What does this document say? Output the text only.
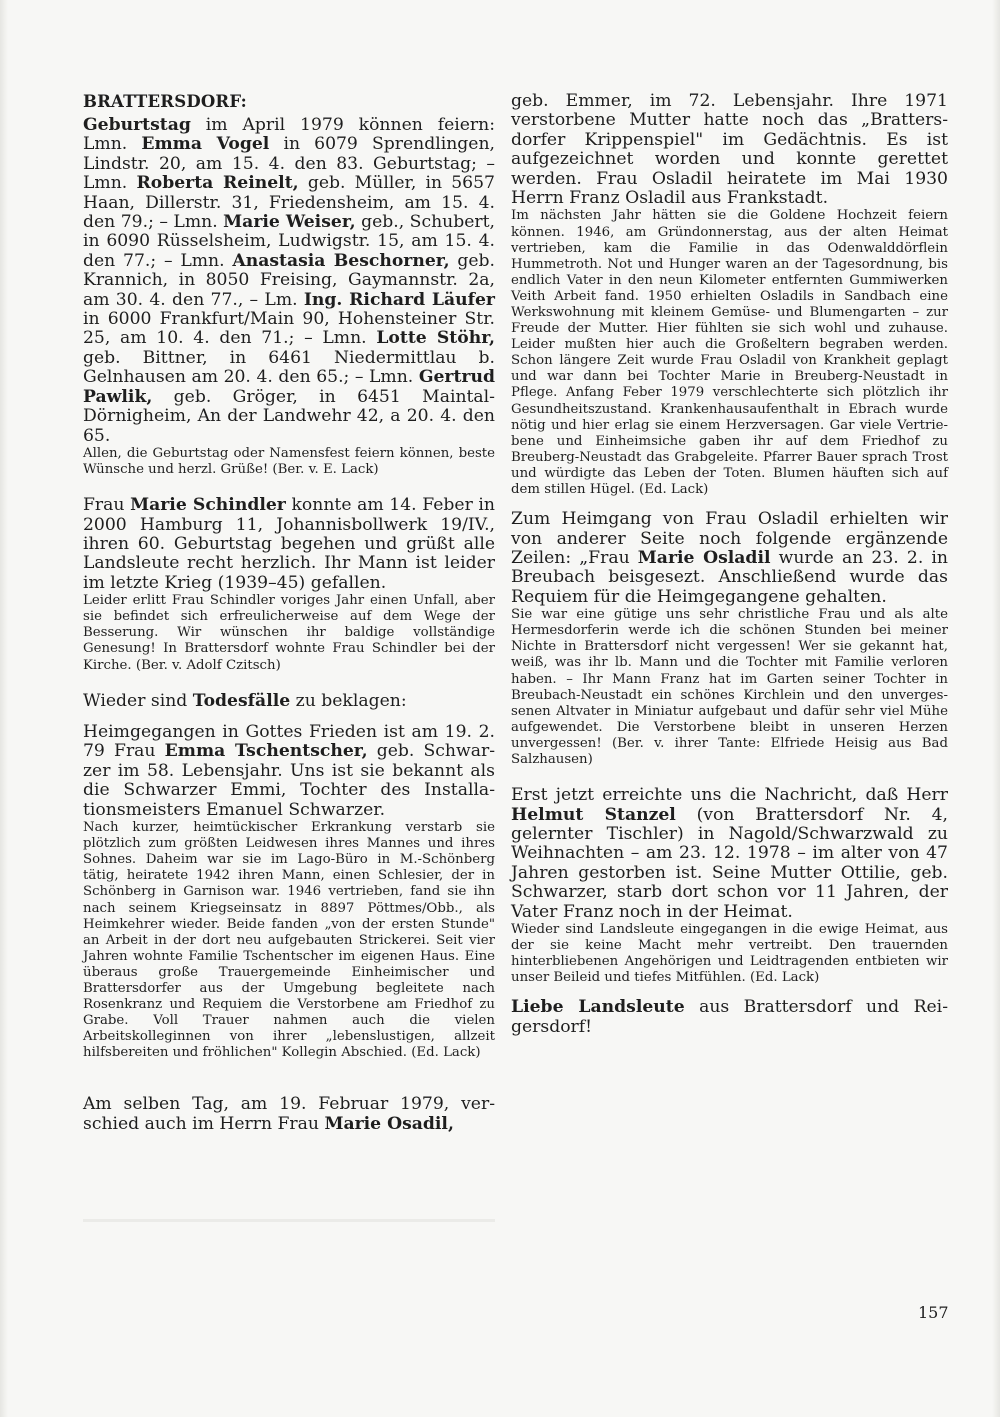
BRATTERSDORF:

Geburtstag im April 1979 können feiern: Lmn. Emma Vogel in 6079 Sprendlingen, Lindstr. 20, am 15. 4. den 83. Geburtstag; – Lmn. Roberta Reinelt, geb. Müller, in 5657 Haan, Dillerstr. 31, Friedensheim, am 15. 4. den 79.; – Lmn. Marie Weiser, geb., Schubert, in 6090 Rüsselsheim, Ludwigstr. 15, am 15. 4. den 77.; – Lmn. Anastasia Beschorner, geb. Krannich, in 8050 Freising, Gaymannstr. 2a, am 30. 4. den 77., – Lm. Ing. Richard Läufer in 6000 Frankfurt/Main 90, Hohensteiner Str. 25, am 10. 4. den 71.; – Lmn. Lotte Stöhr, geb. Bittner, in 6461 Niedermittlau b. Gelnhausen am 20. 4. den 65.; – Lmn. Gertrud Pawlik, geb. Gröger, in 6451 Maintal-Dörnigheim, An der Landwehr 42, a 20. 4. den 65.

Allen, die Geburtstag oder Namensfest feiern können, beste Wünsche und herzl. Grüße! (Ber. v. E. Lack)

Frau Marie Schindler konnte am 14. Feber in 2000 Hamburg 11, Johannisbollwerk 19/IV., ihren 60. Geburtstag begehen und grüßt alle Landsleute recht herzlich. Ihr Mann ist leider im letzte Krieg (1939–45) gefallen.

Leider erlitt Frau Schindler voriges Jahr einen Unfall, aber sie befindet sich erfreulicherweise auf dem Wege der Besserung. Wir wünschen ihr baldige vollständige Genesung! In Brattersdorf wohnte Frau Schindler bei der Kirche. (Ber. v. Adolf Czitsch)

Wieder sind Todesfälle zu beklagen:

Heimgegangen in Gottes Frieden ist am 19. 2. 79 Frau Emma Tschentscher, geb. Schwarzer im 58. Lebensjahr. Uns ist sie bekannt als die Schwarzer Emmi, Tochter des Installationsmeisters Emanuel Schwarzer.

Nach kurzer, heimtückischer Erkrankung verstarb sie plötzlich zum größten Leidwesen ihres Mannes und ihres Sohnes. Daheim war sie im Lago-Büro in M.-Schönberg tätig, heiratete 1942 ihren Mann, einen Schlesier, der in Schönberg in Garnison war. 1946 vertrieben, fand sie ihn nach seinem Kriegseinsatz in 8897 Pöttmes/Obb., als Heimkehrer wieder. Beide fanden „von der ersten Stunde" an Arbeit in der dort neu aufgebauten Strickerei. Seit vier Jahren wohnte Familie Tschentscher im eigenen Haus. Eine überaus große Trauergemeinde Einheimischer und Brattersdorfer aus der Umgebung begleitete nach Rosenkranz und Requiem die Verstorbene am Friedhof zu Grabe. Voll Trauer nahmen auch die vielen Arbeitskolleginnen von ihrer „lebenslustigen, allzeit hilfsbereiten und fröhlichen" Kollegin Abschied. (Ed. Lack)

Am selben Tag, am 19. Februar 1979, verschied auch im Herrn Frau Marie Osadil,

geb. Emmer, im 72. Lebensjahr. Ihre 1971 verstorbene Mutter hatte noch das „Brattersdorfer Krippenspiel" im Gedächtnis. Es ist aufgezeichnet worden und konnte gerettet werden. Frau Osladil heiratete im Mai 1930 Herrn Franz Osladil aus Frankstadt.

Im nächsten Jahr hätten sie die Goldene Hochzeit feiern können. 1946, am Gründonnerstag, aus der alten Heimat vertrieben, kam die Familie in das Odenwalddörflein Hummetroth. Not und Hunger waren an der Tagesordnung, bis endlich Vater in den neun Kilometer entfernten Gummiwerken Veith Arbeit fand. 1950 erhielten Osladils in Sandbach eine Werkswohnung mit kleinem Gemüse- und Blumengarten – zur Freude der Mutter. Hier fühlten sie sich wohl und zuhause. Leider mußten hier auch die Großeltern begraben werden. Schon längere Zeit wurde Frau Osladil von Krankheit geplagt und war dann bei Tochter Marie in Breuberg-Neustadt in Pflege. Anfang Feber 1979 verschlechterte sich plötzlich ihr Gesundheitszustand. Krankenhausaufenthalt in Ebrach wurde nötig und hier erlag sie einem Herzversagen. Gar viele Vertriebene und Einheimsiche gaben ihr auf dem Friedhof zu Breuberg-Neustadt das Grabgeleite. Pfarrer Bauer sprach Trost und würdigte das Leben der Toten. Blumen häuften sich auf dem stillen Hügel. (Ed. Lack)

Zum Heimgang von Frau Osladil erhielten wir von anderer Seite noch folgende ergänzende Zeilen: „Frau Marie Osladil wurde an 23. 2. in Breubach beisgesezt. Anschließend wurde das Requiem für die Heimgegangene gehalten.

Sie war eine gütige uns sehr christliche Frau und als alte Hermesdorferin werde ich die schönen Stunden bei meiner Nichte in Brattersdorf nicht vergessen! Wer sie gekannt hat, weiß, was ihr lb. Mann und die Tochter mit Familie verloren haben. – Ihr Mann Franz hat im Garten seiner Tochter in Breubach-Neustadt ein schönes Kirchlein und den unvergessenen Altvater in Miniatur aufgebaut und dafür sehr viel Mühe aufgewendet. Die Verstorbene bleibt in unseren Herzen unvergessen! (Ber. v. ihrer Tante: Elfriede Heisig aus Bad Salzhausen)

Erst jetzt erreichte uns die Nachricht, daß Herr Helmut Stanzel (von Brattersdorf Nr. 4, gelernter Tischler) in Nagold/Schwarzwald zu Weihnachten – am 23. 12. 1978 – im alter von 47 Jahren gestorben ist. Seine Mutter Ottilie, geb. Schwarzer, starb dort schon vor 11 Jahren, der Vater Franz noch in der Heimat.

Wieder sind Landsleute eingegangen in die ewige Heimat, aus der sie keine Macht mehr vertreibt. Den trauernden hinterbliebenen Angehörigen und Leidtragenden entbieten wir unser Beileid und tiefes Mitfühlen. (Ed. Lack)

Liebe Landsleute aus Brattersdorf und Reigersdorf!

157
